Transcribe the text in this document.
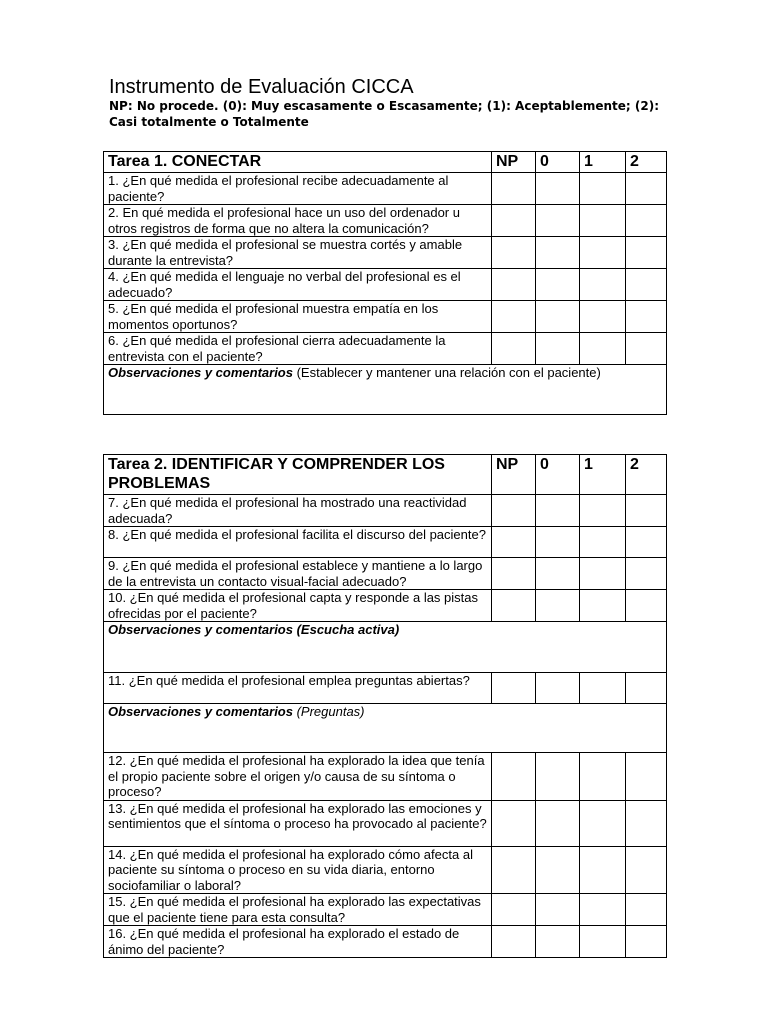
Instrumento de Evaluación CICCA

NP: No procede. (0): Muy escasamente o Escasamente; (1): Aceptablemente; (2): Casi totalmente o Totalmente

Tarea 1. CONECTAR	NP	0	1	2
1. ¿En qué medida el profesional recibe adecuadamente al paciente?				
2. En qué medida el profesional hace un uso del ordenador u otros registros de forma que no altera la comunicación?				
3. ¿En qué medida el profesional se muestra cortés y amable durante la entrevista?				
4. ¿En qué medida el lenguaje no verbal del profesional es el adecuado?				
5. ¿En qué medida el profesional muestra empatía en los momentos oportunos?				
6. ¿En qué medida el profesional cierra adecuadamente la entrevista con el paciente?				
Observaciones y comentarios (Establecer y mantener una relación con el paciente)				
Tarea 2. IDENTIFICAR Y COMPRENDER LOS PROBLEMAS	NP	0	1	2
7. ¿En qué medida el profesional ha mostrado una reactividad adecuada?				
8. ¿En qué medida el profesional facilita el discurso del paciente?				
9. ¿En qué medida el profesional establece y mantiene a lo largo de la entrevista un contacto visual-facial adecuado?				
10. ¿En qué medida el profesional capta y responde a las pistas ofrecidas por el paciente?				
Observaciones y comentarios (Escucha activa)				
11. ¿En qué medida el profesional emplea preguntas abiertas?				
Observaciones y comentarios (Preguntas)				
12. ¿En qué medida el profesional ha explorado la idea que tenía el propio paciente sobre el origen y/o causa de su síntoma o proceso?				
13. ¿En qué medida el profesional ha explorado las emociones y sentimientos que el síntoma o proceso ha provocado al paciente?				
14. ¿En qué medida el profesional ha explorado cómo afecta al paciente su síntoma o proceso en su vida diaria, entorno sociofamiliar o laboral?				
15. ¿En qué medida el profesional ha explorado las expectativas que el paciente tiene para esta consulta?				
16. ¿En qué medida el profesional ha explorado el estado de ánimo del paciente?				
